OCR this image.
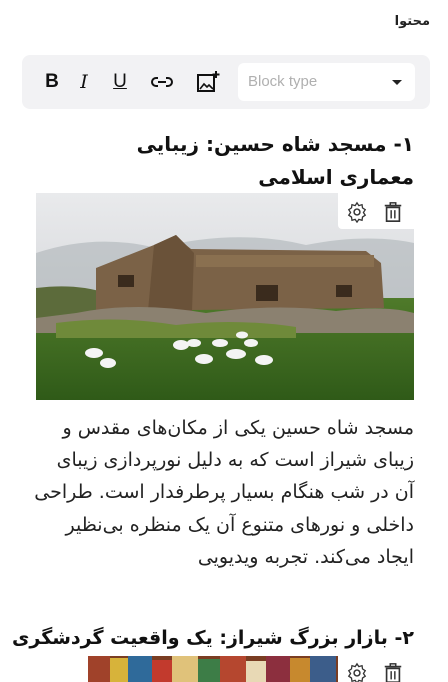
محتوا
B	I	U	Block type
۱- مسجد شاه حسین: زیبایی معماری اسلامی
مسجد شاه حسین یکی از مکان‌های مقدس و زیبای شیراز است که به دلیل نورپردازی زیبای آن در شب هنگام بسیار پرطرفدار است. طراحی داخلی و نورهای متنوع آن یک منظره بی‌نظیر ایجاد می‌کند. تجربه ویدیویی
۲- بازار بزرگ شیراز: یک واقعیت گردشگری
